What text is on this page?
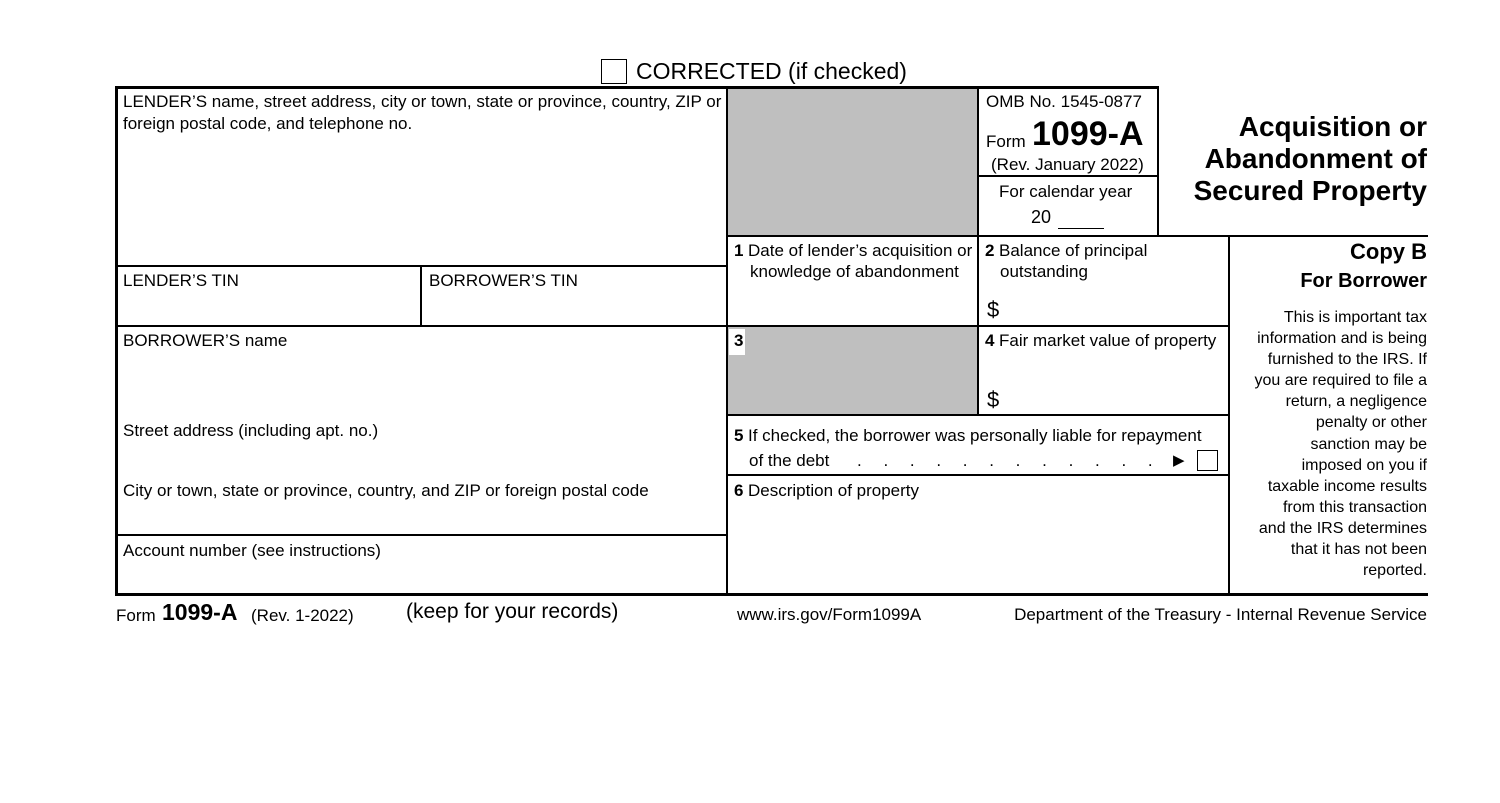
CORRECTED (if checked)
LENDER’S name, street address, city or town, state or province, country, ZIP or
foreign postal code, and telephone no.
LENDER’S TIN	BORROWER’S TIN
BORROWER’S name
Street address (including apt. no.)
City or town, state or province, country, and ZIP or foreign postal code
Account number (see instructions)
OMB No. 1545-0877
Form 1099-A
(Rev. January 2022)
For calendar year
20
Acquisition or
Abandonment of
Secured Property
1 Date of lender’s acquisition or
knowledge of abandonment
2 Balance of principal
outstanding
$
3	4 Fair market value of property
$
5 If checked, the borrower was personally liable for repayment
of the debt . . . . . . . . . . . . ▶
6 Description of property
Copy B
For Borrower
This is important tax
information and is being
furnished to the IRS. If
you are required to file a
return, a negligence
penalty or other
sanction may be
imposed on you if
taxable income results
from this transaction
and the IRS determines
that it has not been
reported.
Form 1099-A (Rev. 1-2022) (keep for your records)	www.irs.gov/Form1099A	Department of the Treasury - Internal Revenue Service
